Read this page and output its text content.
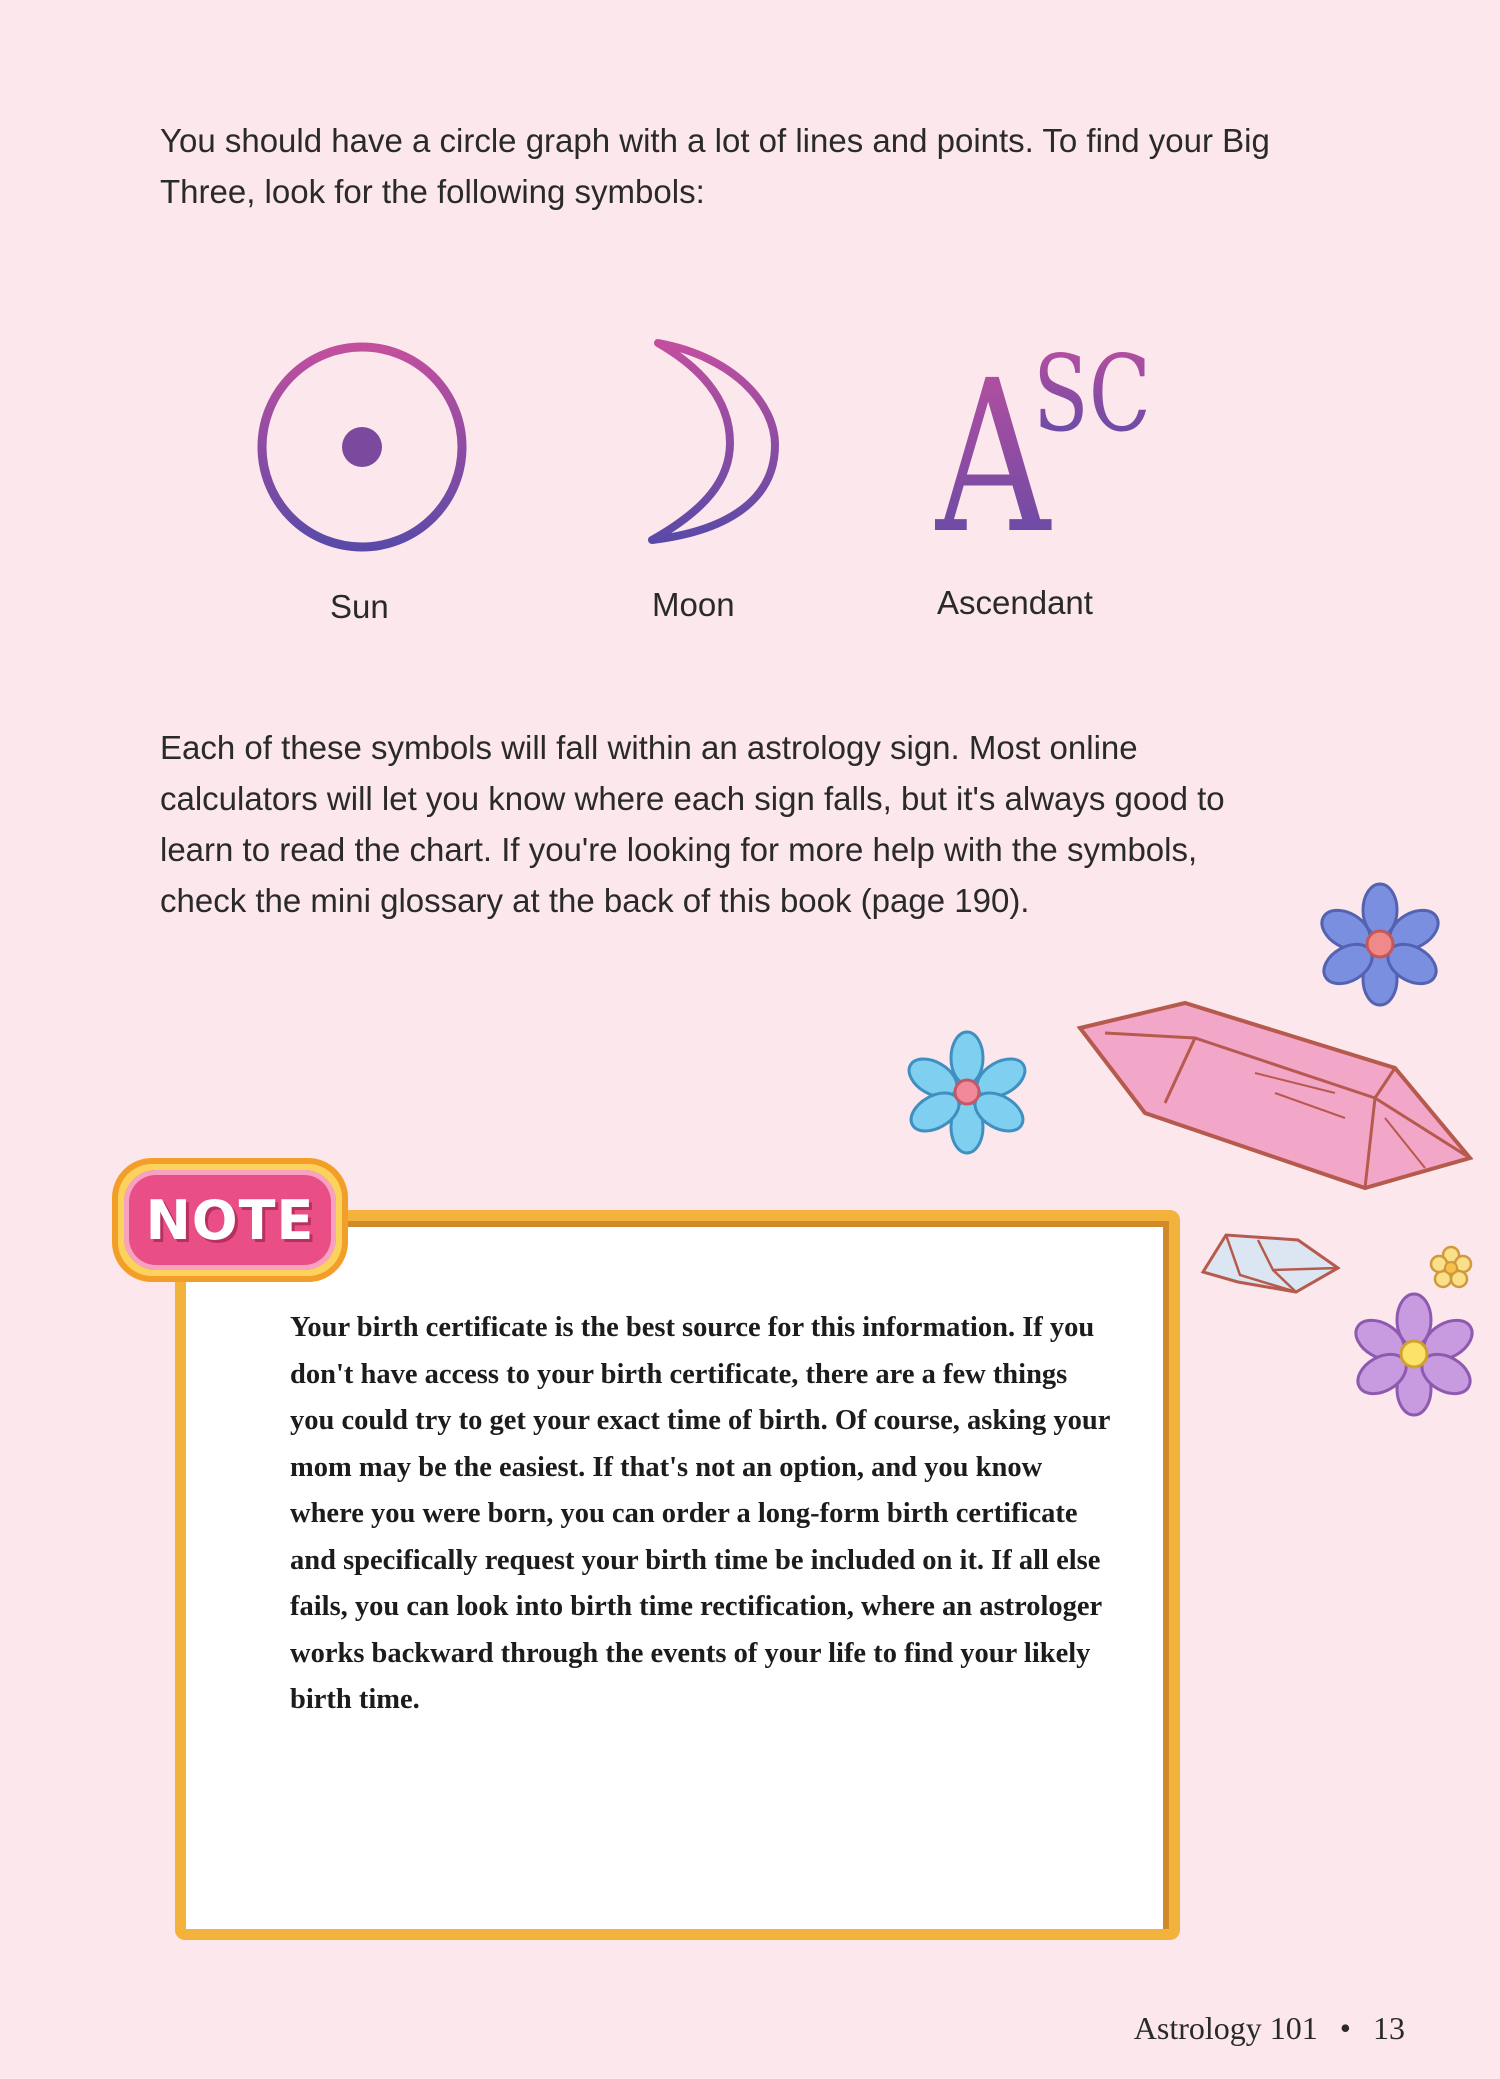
You should have a circle graph with a lot of lines and points. To find your Big Three, look for the following symbols:

Sun	Moon
A
SC
Ascendant

Each of these symbols will fall within an astrology sign. Most online calculators will let you know where each sign falls, but it's always good to learn to read the chart. If you're looking for more help with the symbols, check the mini glossary at the back of this book (page 190).

NOTE

Your birth certificate is the best source for this information. If you don't have access to your birth certificate, there are a few things you could try to get your exact time of birth. Of course, asking your mom may be the easiest. If that's not an option, and you know where you were born, you can order a long-form birth certificate and specifically request your birth time be included on it. If all else fails, you can look into birth time rectification, where an astrologer works backward through the events of your life to find your likely birth time.

Astrology 101 • 13
